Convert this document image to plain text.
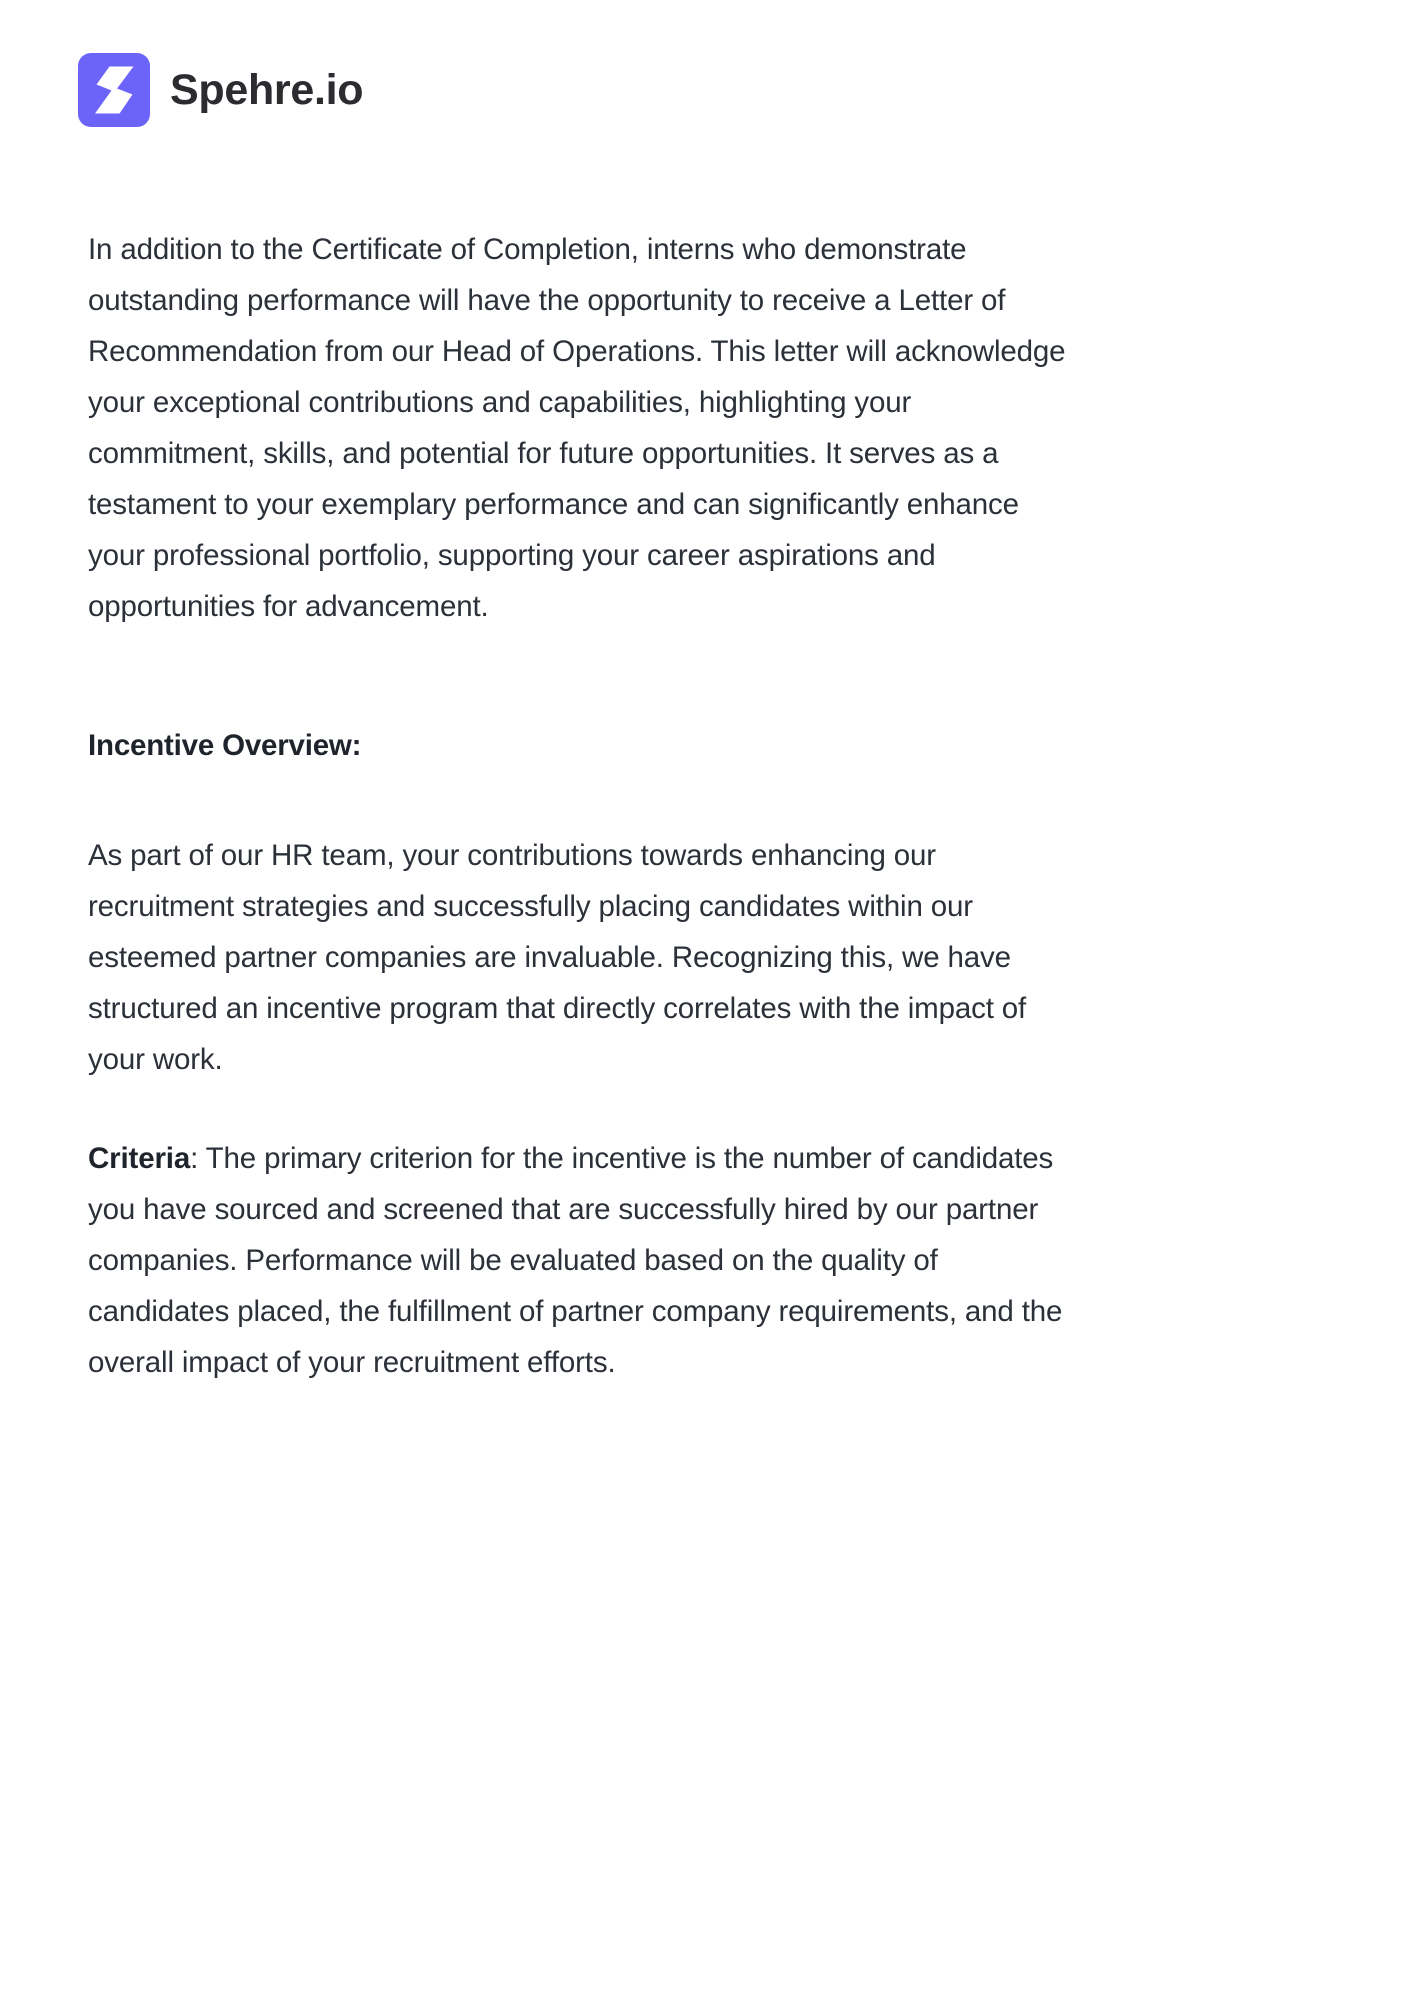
Spehre.io

In addition to the Certificate of Completion, interns who demonstrate outstanding performance will have the opportunity to receive a Letter of Recommendation from our Head of Operations. This letter will acknowledge your exceptional contributions and capabilities, highlighting your commitment, skills, and potential for future opportunities. It serves as a testament to your exemplary performance and can significantly enhance your professional portfolio, supporting your career aspirations and opportunities for advancement.

Incentive Overview:

As part of our HR team, your contributions towards enhancing our recruitment strategies and successfully placing candidates within our esteemed partner companies are invaluable. Recognizing this, we have structured an incentive program that directly correlates with the impact of your work.

Criteria: The primary criterion for the incentive is the number of candidates you have sourced and screened that are successfully hired by our partner companies. Performance will be evaluated based on the quality of candidates placed, the fulfillment of partner company requirements, and the overall impact of your recruitment efforts.
